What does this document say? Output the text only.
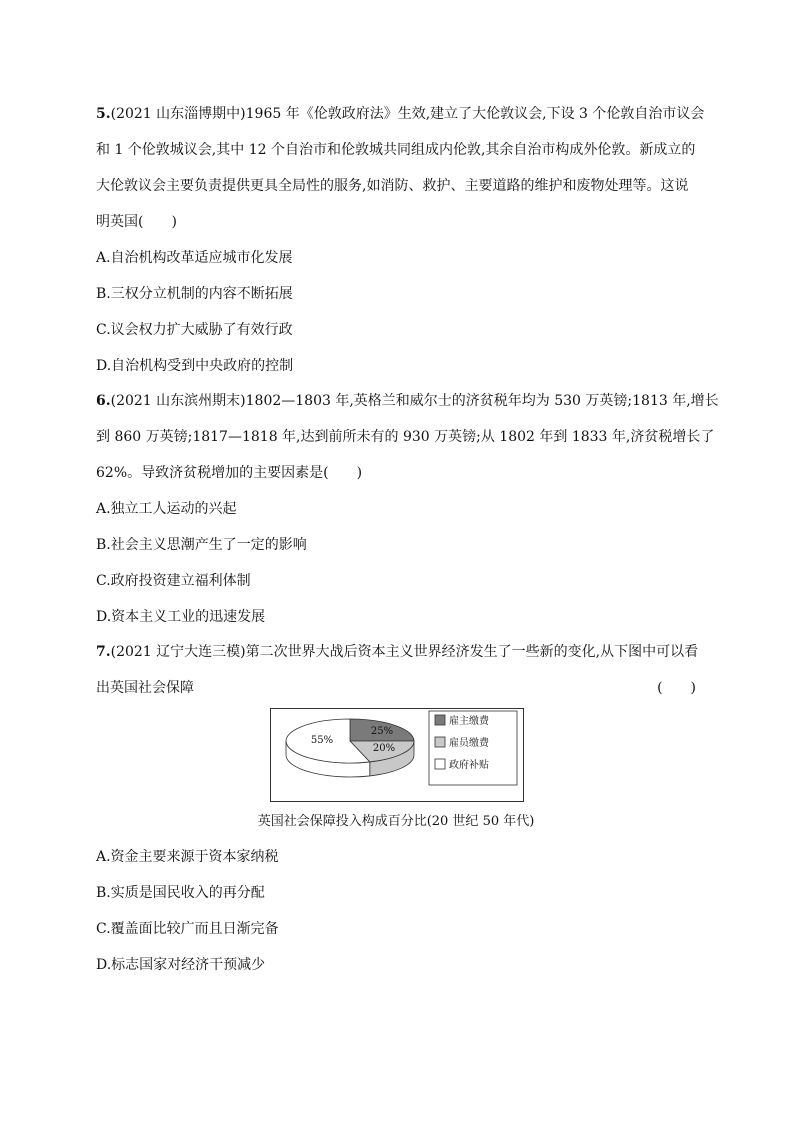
5.(2021 山东淄博期中)1965 年《伦敦政府法》生效,建立了大伦敦议会,下设 3 个伦敦自治市议会
和 1 个伦敦城议会,其中 12 个自治市和伦敦城共同组成内伦敦,其余自治市构成外伦敦。新成立的
大伦敦议会主要负责提供更具全局性的服务,如消防、救护、主要道路的维护和废物处理等。这说
明英国(　　)
A.自治机构改革适应城市化发展
B.三权分立机制的内容不断拓展
C.议会权力扩大威胁了有效行政
D.自治机构受到中央政府的控制
6.(2021 山东滨州期末)1802—1803 年,英格兰和威尔士的济贫税年均为 530 万英镑;1813 年,增长
到 860 万英镑;1817—1818 年,达到前所未有的 930 万英镑;从 1802 年到 1833 年,济贫税增长了
62%。导致济贫税增加的主要因素是(　　)
A.独立工人运动的兴起
B.社会主义思潮产生了一定的影响
C.政府投资建立福利体制
D.资本主义工业的迅速发展
7.(2021 辽宁大连三模)第二次世界大战后资本主义世界经济发生了一些新的变化,从下图中可以看
出英国社会保障	(　　)
25%
20%
55%
雇主缴费
雇员缴费
政府补贴
英国社会保障投入构成百分比(20 世纪 50 年代)
A.资金主要来源于资本家纳税
B.实质是国民收入的再分配
C.覆盖面比较广而且日渐完备
D.标志国家对经济干预减少
